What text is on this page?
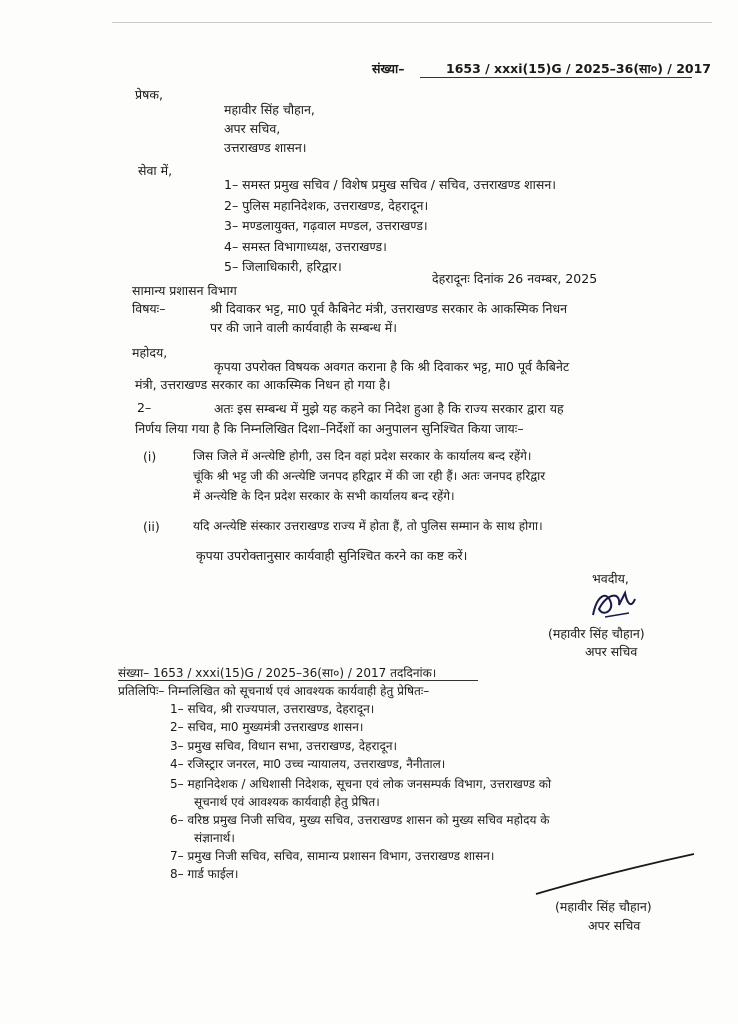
संख्या–	1653 / xxxi(15)G / 2025–36(सा०) / 2017
प्रेषक,
महावीर सिंह चौहान,
अपर सचिव,
उत्तराखण्ड शासन।
सेवा में,
1– समस्त प्रमुख सचिव / विशेष प्रमुख सचिव / सचिव, उत्तराखण्ड शासन।
2– पुलिस महानिदेशक, उत्तराखण्ड, देहरादून।
3– मण्डलायुक्त, गढ़वाल मण्डल, उत्तराखण्ड।
4– समस्त विभागाध्यक्ष, उत्तराखण्ड।
5– जिलाधिकारी, हरिद्वार।
सामान्य प्रशासन विभाग
देहरादूनः दिनांक 26 नवम्बर, 2025
विषयः–	श्री दिवाकर भट्ट, मा0 पूर्व कैबिनेट मंत्री, उत्तराखण्ड सरकार के आकस्मिक निधन
पर की जाने वाली कार्यवाही के सम्बन्ध में।
महोदय,
कृपया उपरोक्त विषयक अवगत कराना है कि श्री दिवाकर भट्ट, मा0 पूर्व कैबिनेट
मंत्री, उत्तराखण्ड सरकार का आकस्मिक निधन हो गया है।
2–	अतः इस सम्बन्ध में मुझे यह कहने का निदेश हुआ है कि राज्य सरकार द्वारा यह
निर्णय लिया गया है कि निम्नलिखित दिशा–निर्देशों का अनुपालन सुनिश्चित किया जायः–
(i)	जिस जिले में अन्त्येष्टि होगी, उस दिन वहां प्रदेश सरकार के कार्यालय बन्द रहेंगे।
चूंकि श्री भट्ट जी की अन्त्येष्टि जनपद हरिद्वार में की जा रही हैं। अतः जनपद हरिद्वार
में अन्त्येष्टि के दिन प्रदेश सरकार के सभी कार्यालय बन्द रहेंगे।
(ii)	यदि अन्त्येष्टि संस्कार उत्तराखण्ड राज्य में होता हैं, तो पुलिस सम्मान के साथ होगा।
कृपया उपरोक्तानुसार कार्यवाही सुनिश्चित करने का कष्ट करें।
भवदीय,
(महावीर सिंह चौहान)
अपर सचिव
संख्या– 1653 / xxxi(15)G / 2025–36(सा०) / 2017 तददिनांक।
प्रतिलिपिः– निम्नलिखित को सूचनार्थ एवं आवश्यक कार्यवाही हेतु प्रेषितः–
1– सचिव, श्री राज्यपाल, उत्तराखण्ड, देहरादून।
2– सचिव, मा0 मुख्यमंत्री उत्तराखण्ड शासन।
3– प्रमुख सचिव, विधान सभा, उत्तराखण्ड, देहरादून।
4– रजिस्ट्रार जनरल, मा0 उच्च न्यायालय, उत्तराखण्ड, नैनीताल।
5– महानिदेशक / अधिशासी निदेशक, सूचना एवं लोक जनसम्पर्क विभाग, उत्तराखण्ड को
सूचनार्थ एवं आवश्यक कार्यवाही हेतु प्रेषित।
6– वरिष्ठ प्रमुख निजी सचिव, मुख्य सचिव, उत्तराखण्ड शासन को मुख्य सचिव महोदय के
संज्ञानार्थ।
7– प्रमुख निजी सचिव, सचिव, सामान्य प्रशासन विभाग, उत्तराखण्ड शासन।
8– गार्ड फाईल।
(महावीर सिंह चौहान)
अपर सचिव
